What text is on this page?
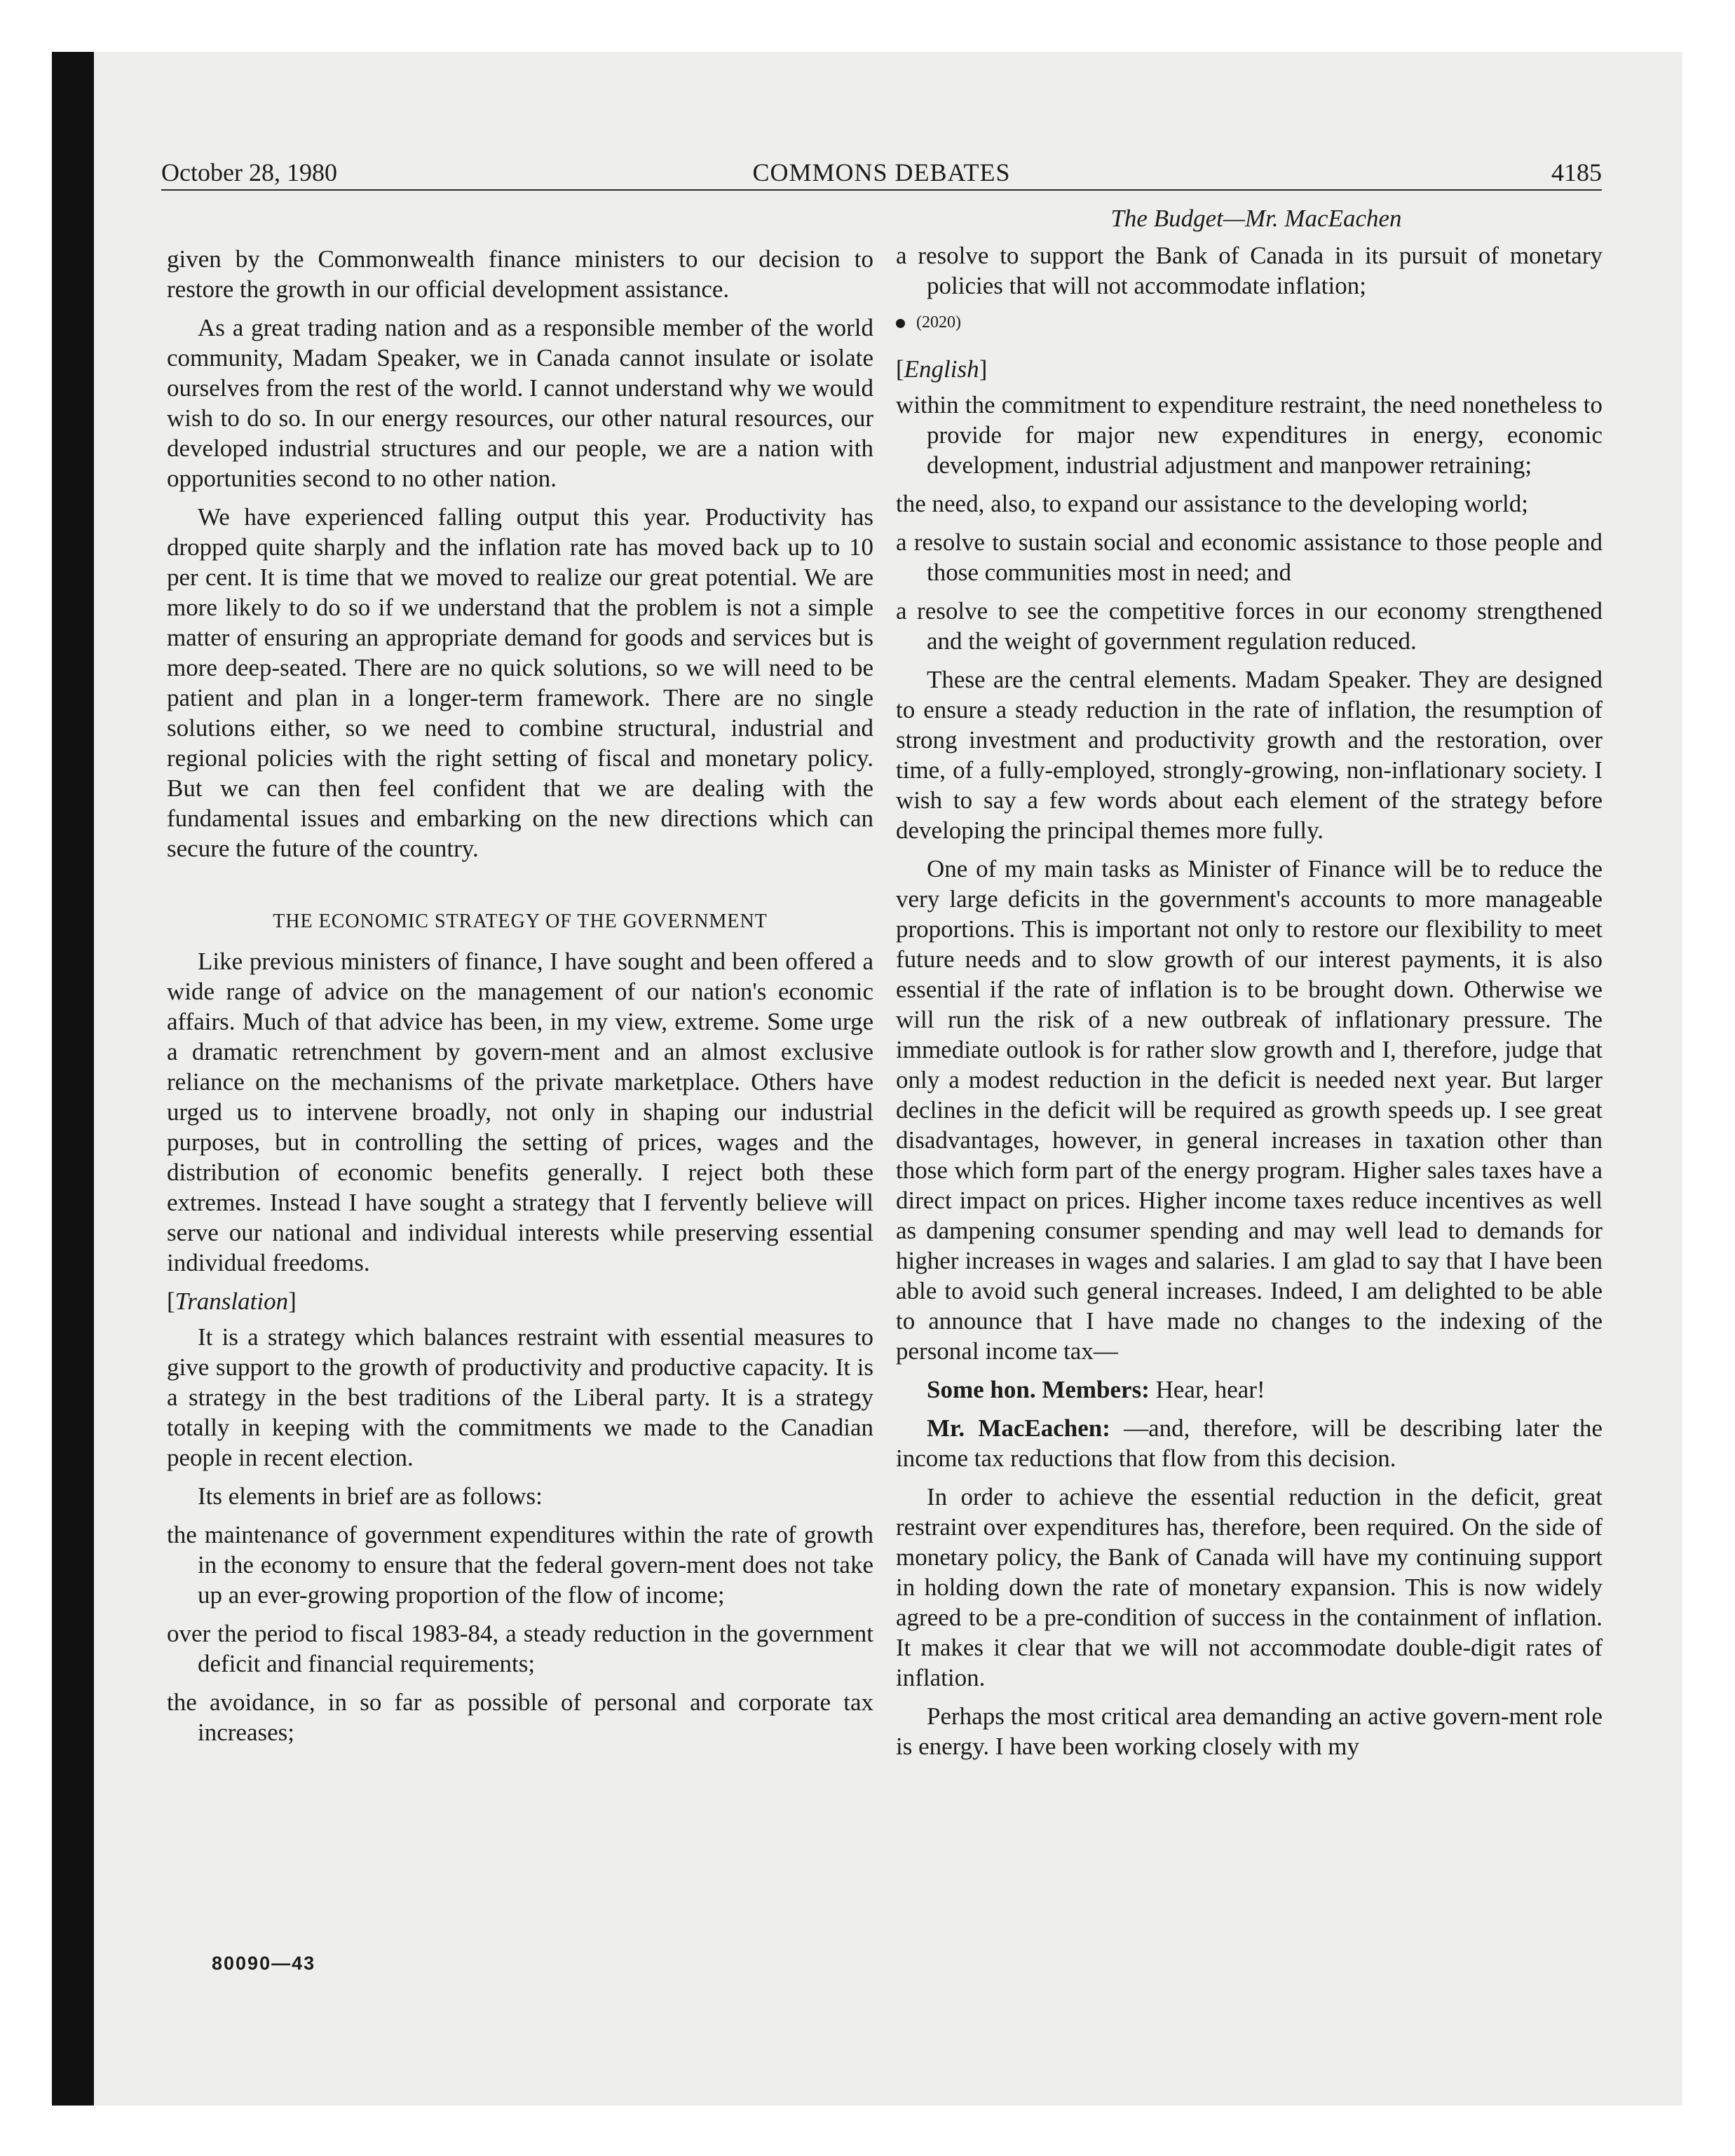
October 28, 1980	COMMONS DEBATES	4185

given by the Commonwealth finance ministers to our decision to restore the growth in our official development assistance.

As a great trading nation and as a responsible member of the world community, Madam Speaker, we in Canada cannot insulate or isolate ourselves from the rest of the world. I cannot understand why we would wish to do so. In our energy resources, our other natural resources, our developed industrial structures and our people, we are a nation with opportunities second to no other nation.

We have experienced falling output this year. Productivity has dropped quite sharply and the inflation rate has moved back up to 10 per cent. It is time that we moved to realize our great potential. We are more likely to do so if we understand that the problem is not a simple matter of ensuring an appropriate demand for goods and services but is more deep-seated. There are no quick solutions, so we will need to be patient and plan in a longer-term framework. There are no single solutions either, so we need to combine structural, industrial and regional policies with the right setting of fiscal and monetary policy. But we can then feel confident that we are dealing with the fundamental issues and embarking on the new directions which can secure the future of the country.

THE ECONOMIC STRATEGY OF THE GOVERNMENT

Like previous ministers of finance, I have sought and been offered a wide range of advice on the management of our nation's economic affairs. Much of that advice has been, in my view, extreme. Some urge a dramatic retrenchment by govern-ment and an almost exclusive reliance on the mechanisms of the private marketplace. Others have urged us to intervene broadly, not only in shaping our industrial purposes, but in controlling the setting of prices, wages and the distribution of economic benefits generally. I reject both these extremes. Instead I have sought a strategy that I fervently believe will serve our national and individual interests while preserving essential individual freedoms.

[Translation]

It is a strategy which balances restraint with essential measures to give support to the growth of productivity and productive capacity. It is a strategy in the best traditions of the Liberal party. It is a strategy totally in keeping with the commitments we made to the Canadian people in recent election.

Its elements in brief are as follows:

the maintenance of government expenditures within the rate of growth in the economy to ensure that the federal govern-ment does not take up an ever-growing proportion of the flow of income;

over the period to fiscal 1983-84, a steady reduction in the government deficit and financial requirements;

the avoidance, in so far as possible of personal and corporate tax increases;

The Budget—Mr. MacEachen

a resolve to support the Bank of Canada in its pursuit of monetary policies that will not accommodate inflation;

(2020)
[English]

within the commitment to expenditure restraint, the need nonetheless to provide for major new expenditures in energy, economic development, industrial adjustment and manpower retraining;

the need, also, to expand our assistance to the developing world;

a resolve to sustain social and economic assistance to those people and those communities most in need; and

a resolve to see the competitive forces in our economy strengthened and the weight of government regulation reduced.

These are the central elements. Madam Speaker. They are designed to ensure a steady reduction in the rate of inflation, the resumption of strong investment and productivity growth and the restoration, over time, of a fully-employed, strongly-growing, non-inflationary society. I wish to say a few words about each element of the strategy before developing the principal themes more fully.

One of my main tasks as Minister of Finance will be to reduce the very large deficits in the government's accounts to more manageable proportions. This is important not only to restore our flexibility to meet future needs and to slow growth of our interest payments, it is also essential if the rate of inflation is to be brought down. Otherwise we will run the risk of a new outbreak of inflationary pressure. The immediate outlook is for rather slow growth and I, therefore, judge that only a modest reduction in the deficit is needed next year. But larger declines in the deficit will be required as growth speeds up. I see great disadvantages, however, in general increases in taxation other than those which form part of the energy program. Higher sales taxes have a direct impact on prices. Higher income taxes reduce incentives as well as dampening consumer spending and may well lead to demands for higher increases in wages and salaries. I am glad to say that I have been able to avoid such general increases. Indeed, I am delighted to be able to announce that I have made no changes to the indexing of the personal income tax—

Some hon. Members: Hear, hear!

Mr. MacEachen: —and, therefore, will be describing later the income tax reductions that flow from this decision.

In order to achieve the essential reduction in the deficit, great restraint over expenditures has, therefore, been required. On the side of monetary policy, the Bank of Canada will have my continuing support in holding down the rate of monetary expansion. This is now widely agreed to be a pre-condition of success in the containment of inflation. It makes it clear that we will not accommodate double-digit rates of inflation.

Perhaps the most critical area demanding an active govern-ment role is energy. I have been working closely with my

80090—43
